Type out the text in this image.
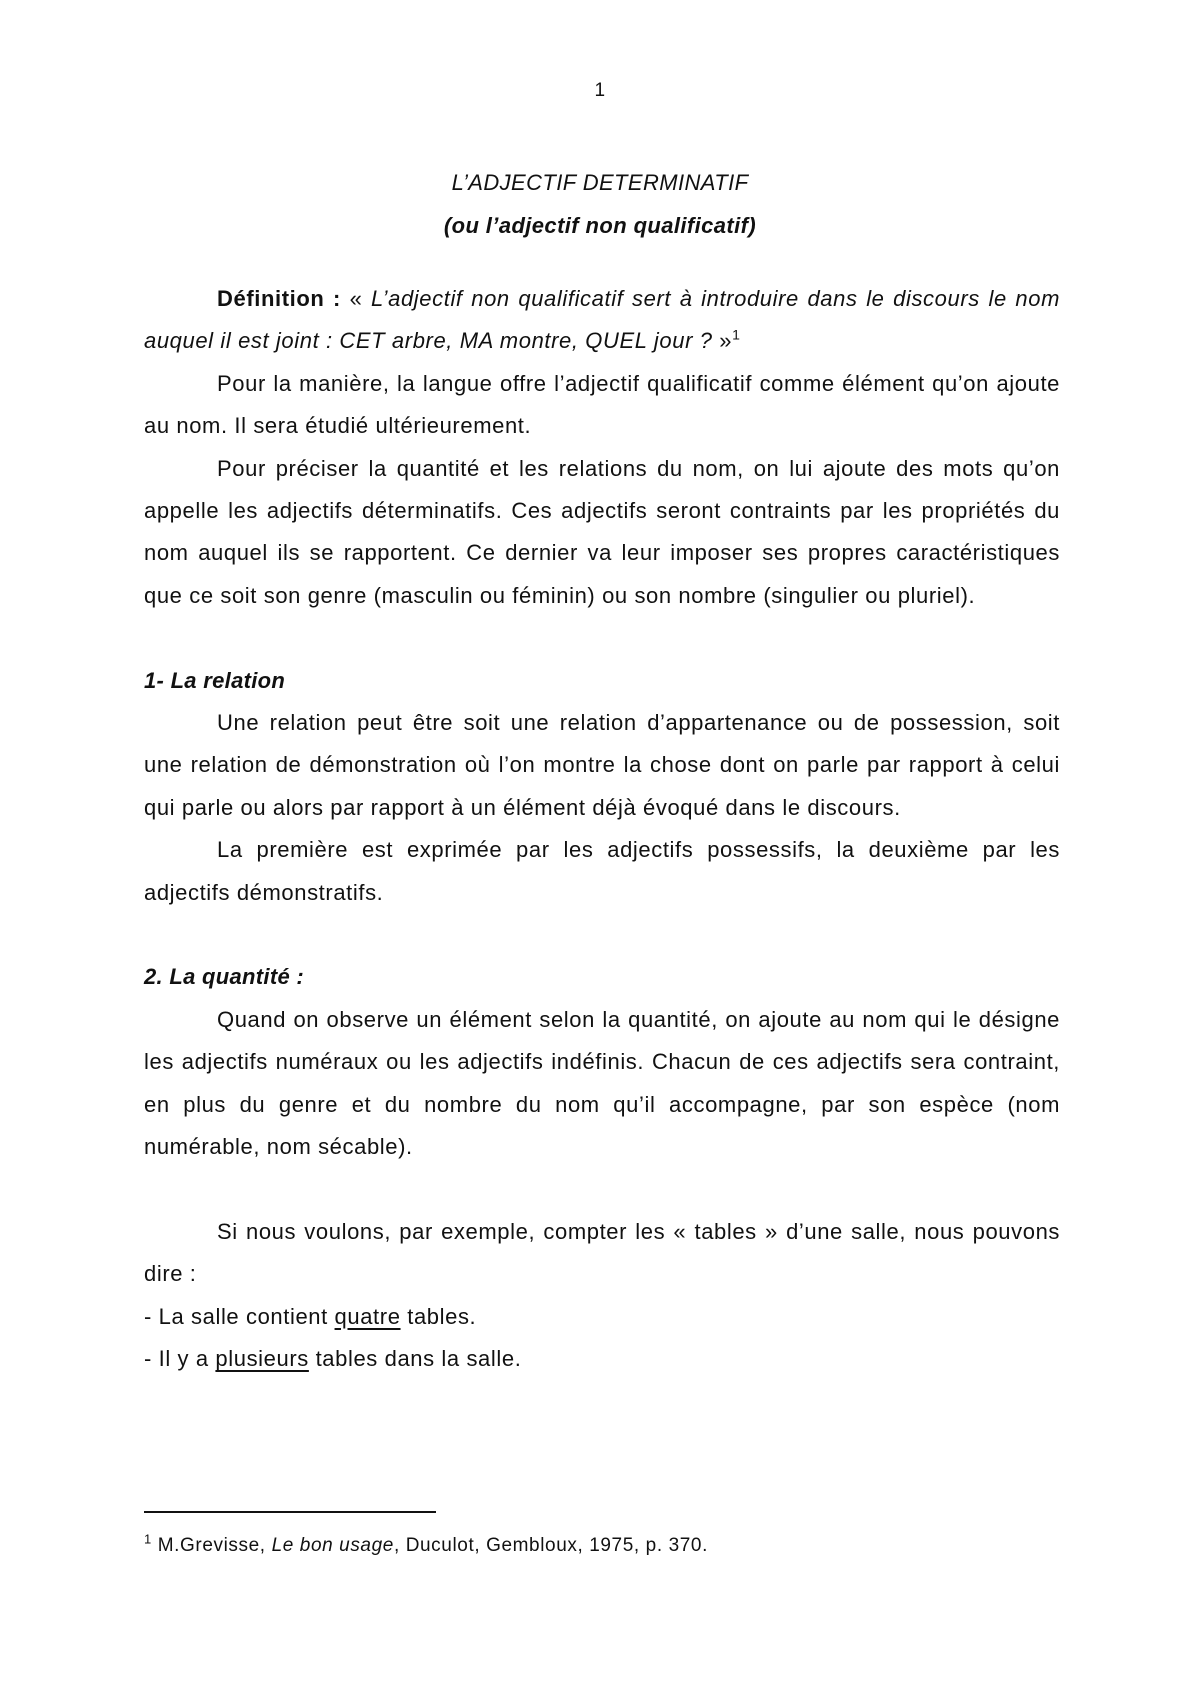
1
L’ADJECTIF DETERMINATIF
(ou l’adjectif non qualificatif)

Définition : « L’adjectif non qualificatif sert à introduire dans le discours le nom auquel il est joint : CET arbre, MA montre, QUEL jour ? »$^1$

Pour la manière, la langue offre l’adjectif qualificatif comme élément qu’on ajoute au nom. Il sera étudié ultérieurement.

Pour préciser la quantité et les relations du nom, on lui ajoute des mots qu’on appelle les adjectifs déterminatifs. Ces adjectifs seront contraints par les propriétés du nom auquel ils se rapportent. Ce dernier va leur imposer ses propres caractéristiques que ce soit son genre (masculin ou féminin) ou son nombre (singulier ou pluriel).

1- La relation

Une relation peut être soit une relation d’appartenance ou de possession, soit une relation de démonstration où l’on montre la chose dont on parle par rapport à celui qui parle ou alors par rapport à un élément déjà évoqué dans le discours.

La première est exprimée par les adjectifs possessifs, la deuxième par les adjectifs démonstratifs.

2. La quantité :

Quand on observe un élément selon la quantité, on ajoute au nom qui le désigne les adjectifs numéraux ou les adjectifs indéfinis. Chacun de ces adjectifs sera contraint, en plus du genre et du nombre du nom qu’il accompagne, par son espèce (nom numérable, nom sécable).

Si nous voulons, par exemple, compter les « tables » d’une salle, nous pouvons dire :

- La salle contient quatre tables.

- Il y a plusieurs tables dans la salle.

$^1$ M.Grevisse, Le bon usage, Duculot, Gembloux, 1975, p. 370.
